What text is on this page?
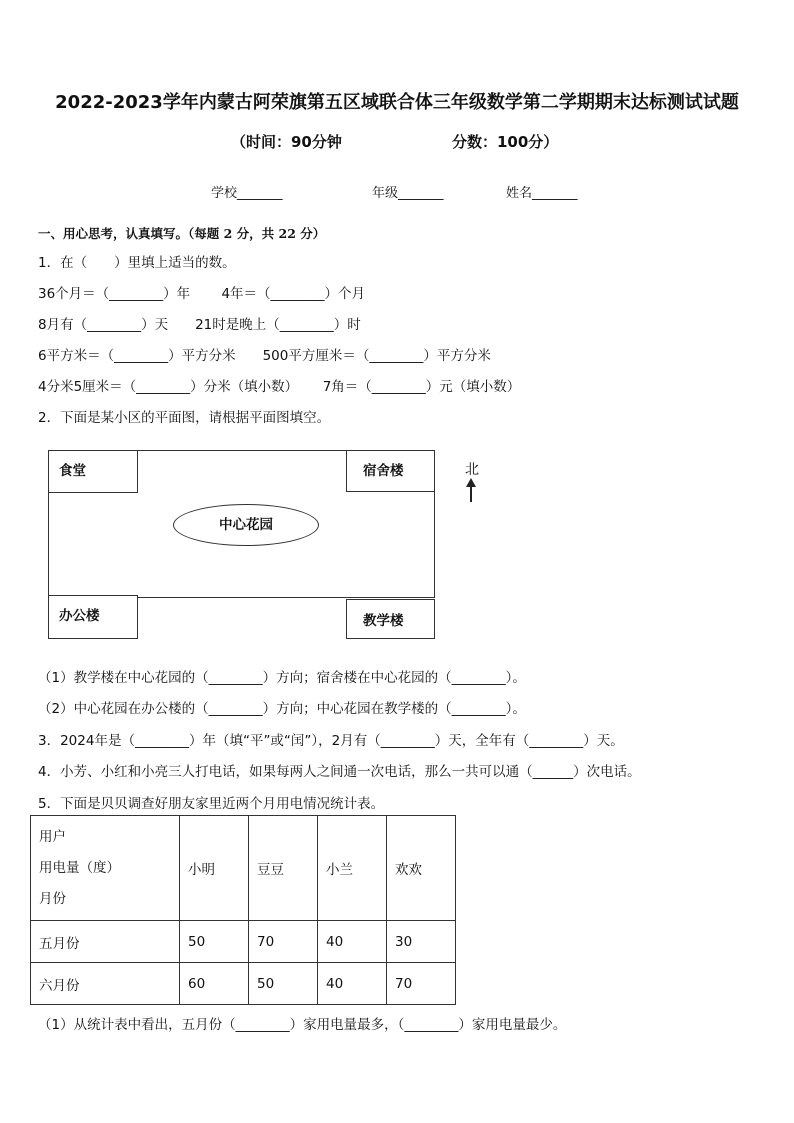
2022-2023学年内蒙古阿荣旗第五区域联合体三年级数学第二学期期末达标测试试题
（时间：90分钟	分数：100分）
学校_______	年级_______	姓名_______
一、用心思考，认真填写。（每题 2 分，共 22 分）
1．在（　　）里填上适当的数。
36个月＝（________）年　　 4年＝（________）个月
8月有（________）天　　21时是晚上（________）时
6平方米＝（________）平方分米　　500平方厘米＝（________）平方分米
4分米5厘米＝（________）分米（填小数）　　 7角＝（________）元（填小数）
2．下面是某小区的平面图，请根据平面图填空。
食堂	宿舍楼
中心花园
办公楼	教学楼
北
（1）教学楼在中心花园的（________）方向；宿舍楼在中心花园的（________）。
（2）中心花园在办公楼的（________）方向；中心花园在教学楼的（________）。
3．2024年是（________）年（填“平”或“闰”），2月有（________）天，全年有（________）天。
4．小芳、小红和小亮三人打电话，如果每两人之间通一次电话，那么一共可以通（______）次电话。
5．下面是贝贝调查好朋友家里近两个月用电情况统计表。
用户
用电量（度）
月份	小明	豆豆	小兰	欢欢
五月份	50	70	40	30
六月份	60	50	40	70
（1）从统计表中看出，五月份（________）家用电量最多，（________）家用电量最少。
